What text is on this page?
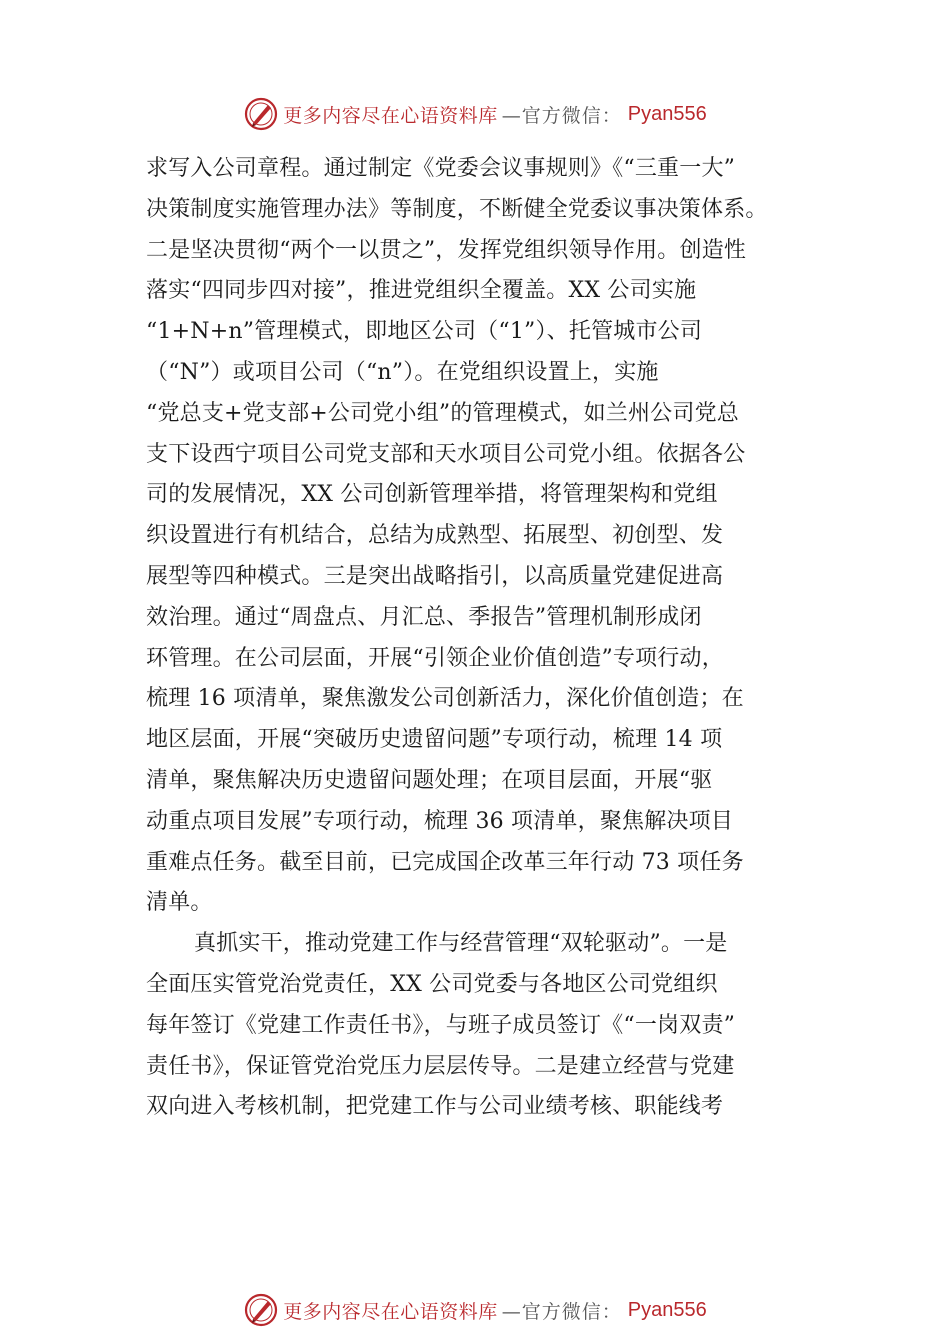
更多内容尽在心语资料库 —官方微信： Pyan556
求写入公司章程。通过制定《党委会议事规则》《“三重一大”
决策制度实施管理办法》等制度，不断健全党委议事决策体系。
二是坚决贯彻“两个一以贯之”，发挥党组织领导作用。创造性
落实“四同步四对接”，推进党组织全覆盖。XX 公司实施
“1+N+n”管理模式，即地区公司（“1”）、托管城市公司
（“N”）或项目公司（“n”）。在党组织设置上，实施
“党总支+党支部+公司党小组”的管理模式，如兰州公司党总
支下设西宁项目公司党支部和天水项目公司党小组。依据各公
司的发展情况，XX 公司创新管理举措，将管理架构和党组
织设置进行有机结合，总结为成熟型、拓展型、初创型、发
展型等四种模式。三是突出战略指引，以高质量党建促进高
效治理。通过“周盘点、月汇总、季报告”管理机制形成闭
环管理。在公司层面，开展“引领企业价值创造”专项行动，
梳理 16 项清单，聚焦激发公司创新活力，深化价值创造；在
地区层面，开展“突破历史遗留问题”专项行动，梳理 14 项
清单，聚焦解决历史遗留问题处理；在项目层面，开展“驱
动重点项目发展”专项行动，梳理 36 项清单，聚焦解决项目
重难点任务。截至目前，已完成国企改革三年行动 73 项任务
清单。
真抓实干，推动党建工作与经营管理“双轮驱动”。一是
全面压实管党治党责任，XX 公司党委与各地区公司党组织
每年签订《党建工作责任书》，与班子成员签订《“一岗双责”
责任书》，保证管党治党压力层层传导。二是建立经营与党建
双向进入考核机制，把党建工作与公司业绩考核、职能线考
更多内容尽在心语资料库 —官方微信： Pyan556
